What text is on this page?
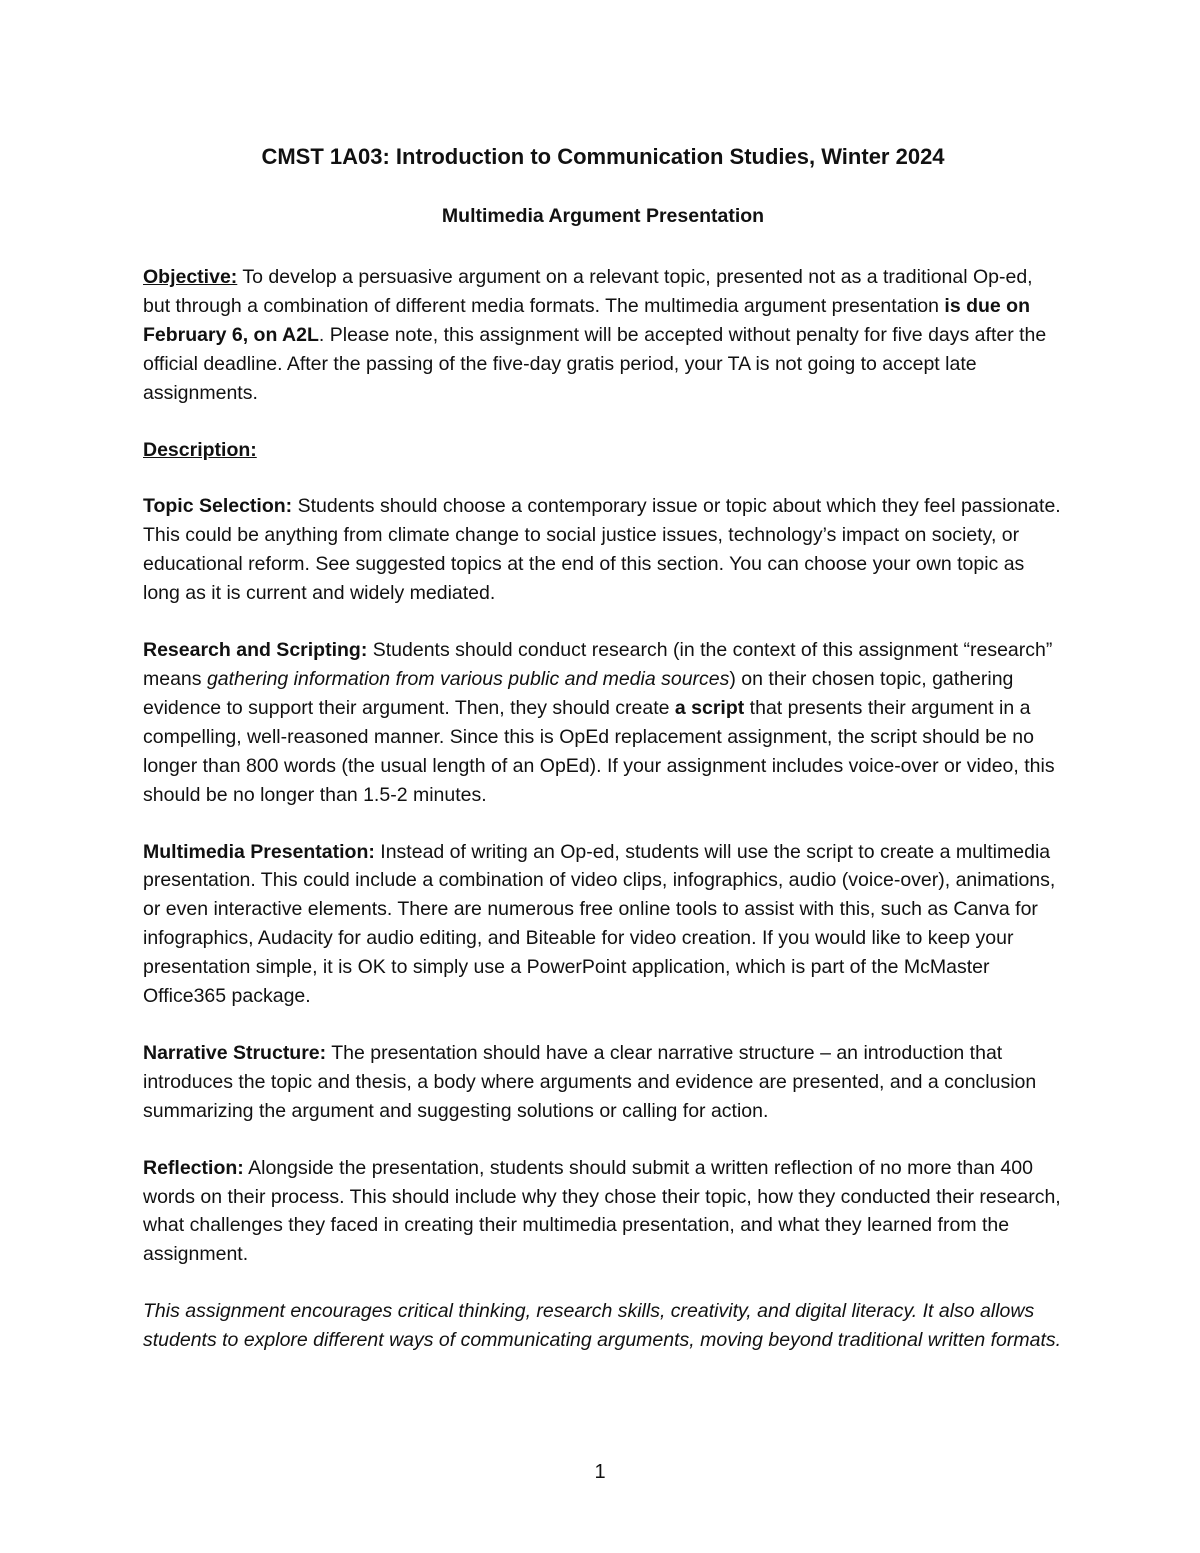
CMST 1A03: Introduction to Communication Studies, Winter 2024
Multimedia Argument Presentation

Objective: To develop a persuasive argument on a relevant topic, presented not as a traditional Op-ed, but through a combination of different media formats. The multimedia argument presentation is due on February 6, on A2L. Please note, this assignment will be accepted without penalty for five days after the official deadline. After the passing of the five-day gratis period, your TA is not going to accept late assignments.

Description:

Topic Selection: Students should choose a contemporary issue or topic about which they feel passionate. This could be anything from climate change to social justice issues, technology’s impact on society, or educational reform. See suggested topics at the end of this section. You can choose your own topic as long as it is current and widely mediated.

Research and Scripting: Students should conduct research (in the context of this assignment “research” means gathering information from various public and media sources) on their chosen topic, gathering evidence to support their argument. Then, they should create a script that presents their argument in a compelling, well-reasoned manner. Since this is OpEd replacement assignment, the script should be no longer than 800 words (the usual length of an OpEd). If your assignment includes voice-over or video, this should be no longer than 1.5-2 minutes.

Multimedia Presentation: Instead of writing an Op-ed, students will use the script to create a multimedia presentation. This could include a combination of video clips, infographics, audio (voice-over), animations, or even interactive elements. There are numerous free online tools to assist with this, such as Canva for infographics, Audacity for audio editing, and Biteable for video creation. If you would like to keep your presentation simple, it is OK to simply use a PowerPoint application, which is part of the McMaster Office365 package.

Narrative Structure: The presentation should have a clear narrative structure – an introduction that introduces the topic and thesis, a body where arguments and evidence are presented, and a conclusion summarizing the argument and suggesting solutions or calling for action.

Reflection: Alongside the presentation, students should submit a written reflection of no more than 400 words on their process. This should include why they chose their topic, how they conducted their research, what challenges they faced in creating their multimedia presentation, and what they learned from the assignment.

This assignment encourages critical thinking, research skills, creativity, and digital literacy. It also allows students to explore different ways of communicating arguments, moving beyond traditional written formats.

1
